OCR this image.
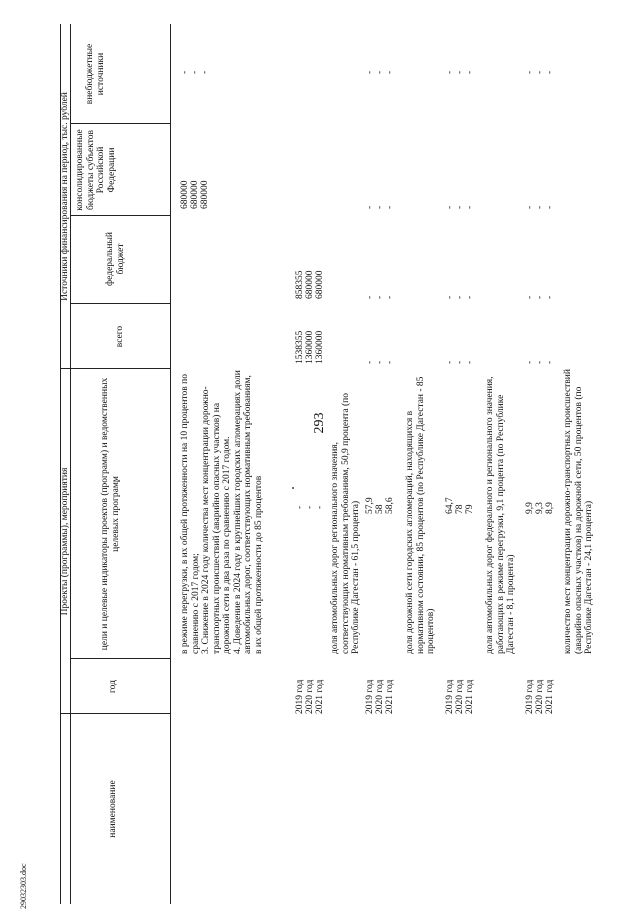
293
29032303.doc
Проекты (программы), мероприятия
Источники финансирования на период, тыс. рублей
наименование
год
цели и целевые индикаторы проектов (программ) и ведомственных целевых программ
всего
федеральный бюджет
консолидированные бюджеты субъектов Российской Федерации
внебюджетные источники
в режиме перегрузки, в их общей протяженности на 10 процентов по сравнению с 2017 годом;
3. Снижение в 2024 году количества мест концентрации дорожно-транспортных происшествий (аварийно опасных участков) на дорожной сети в два раза по сравнению с 2017 годом.
4. Доведение в 2024 году в крупнейших городских агломерациях доли автомобильных дорог, соответствующих нормативным требованиям, в их общей протяженности до 85 процентов
2019 год 2020 год 2021 год
- - -
1538355 1360000 1360000
858355 680000 680000
680000 680000 680000
- - -
доля автомобильных дорог регионального значения, соответствующих нормативным требованиям, 50,9 процента (по Республике Дагестан - 61,5 процента)
2019 год 2020 год 2021 год
57,9 58 58,6 доля дорожной сети городских агломераций, находящихся в нормативном состоянии, 85 процентов (по Республике Дагестан - 85 процентов)
2019 год 2020 год 2021 год
64,7 78 79 доля автомобильных дорог федерального и регионального значения, работающих в режиме перегрузки, 9,1 процента (по Республике Дагестан - 8,1 процента)
2019 год 2020 год 2021 год
9,9 9,3 8,9
- - -
- - -
- - -
- - -
- - -
- - -
- - -
- - -
- - -
- - -
- - -
- - -
количество мест концентрации дорожно-транспортных происшествий (аварийно опасных участков) на дорожной сети, 50 процентов (по Республике Дагестан - 24,1 процента)
